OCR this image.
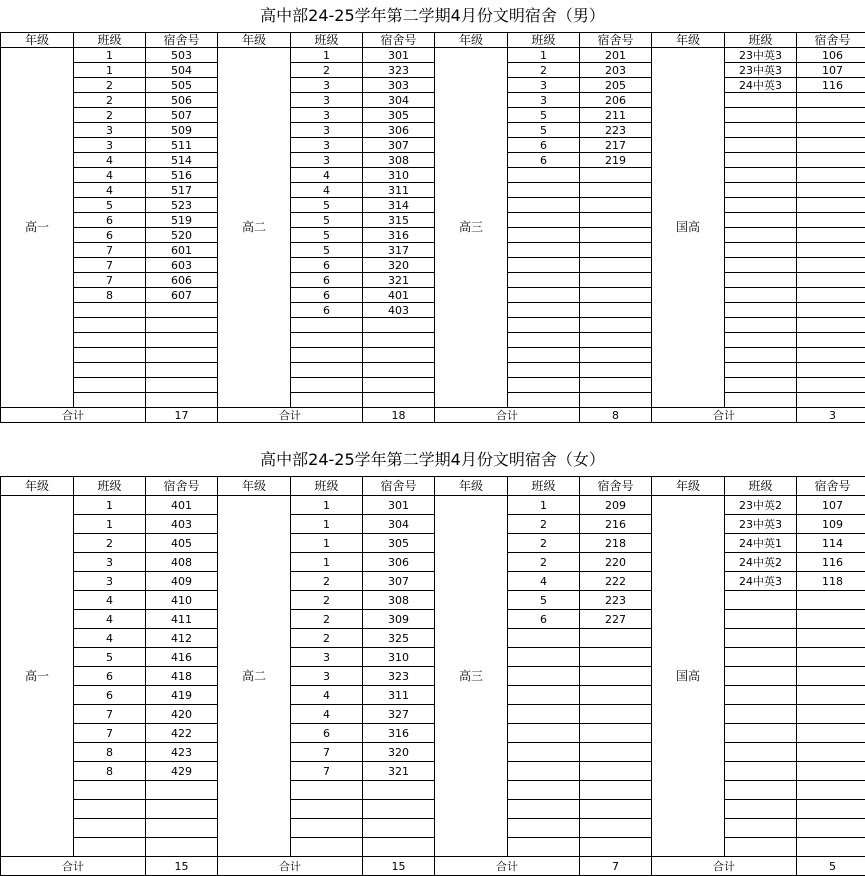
高中部24-25学年第二学期4月份文明宿舍（男）
年级	班级	宿舍号	年级	班级	宿舍号	年级	班级	宿舍号	年级	班级	宿舍号
高一	1	503	高二	1	301	高三	1	201	国高	23中英3	106
	1	504		2	323		2	203		23中英3	107
	2	505		3	303		3	205		24中英3	116
	2	506		3	304		3	206			
	2	507		3	305		5	211			
	3	509		3	306		5	223			
	3	511		3	307		6	217			
	4	514		3	308		6	219			
	4	516		4	310						
	4	517		4	311						
	5	523		5	314						
	6	519		5	315						
	6	520		5	316						
	7	601		5	317						
	7	603		6	320						
	7	606		6	321						
	8	607		6	401						
				6	403						

合计		17	合计		18	合计		8	合计		3
高中部24-25学年第二学期4月份文明宿舍（女）
年级	班级	宿舍号	年级	班级	宿舍号	年级	班级	宿舍号	年级	班级	宿舍号
高一	1	401	高二	1	301	高三	1	209	国高	23中英2	107
	1	403		1	304		2	216		23中英3	109
	2	405		1	305		2	218		24中英1	114
	3	408		1	306		2	220		24中英2	116
	3	409		2	307		4	222		24中英3	118
	4	410		2	308		5	223			
	4	411		2	309		6	227			
	4	412		2	325						
	5	416		3	310						
	6	418		3	323						
	6	419		4	311						
	7	420		4	327						
	7	422		6	316						
	8	423		7	320						
	8	429		7	321						

合计		15	合计		15	合计		7	合计		5
